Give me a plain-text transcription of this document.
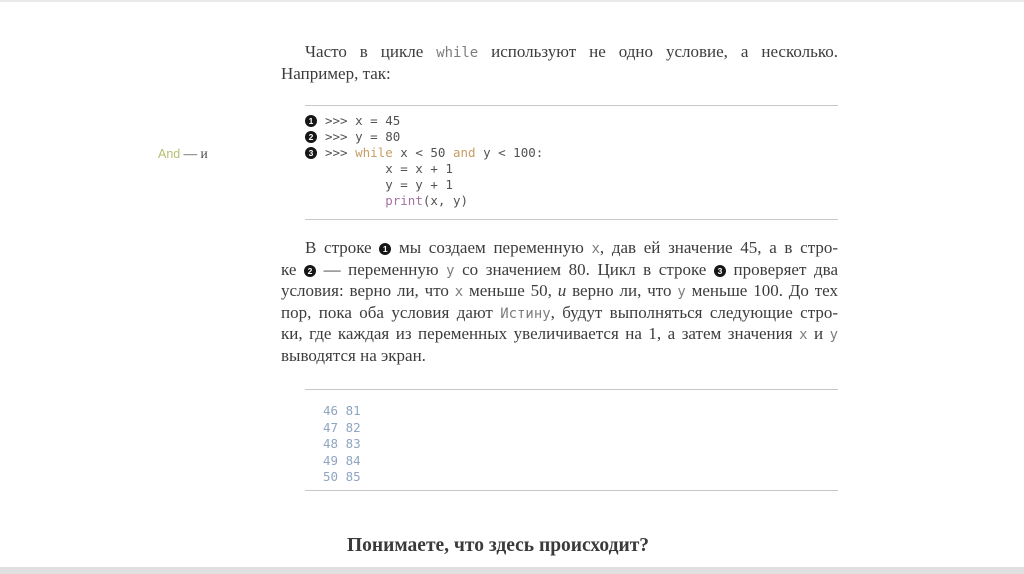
And — и
Часто в цикле while используют не одно условие, а несколько.
Например, так:
1 >>> x = 45
2 >>> y = 80
3 >>> while x < 50 and y < 100:
x = x + 1
y = y + 1
print(x, y)
В строке 1 мы создаем переменную x, дав ей значение 45, а в стро-
ке 2 — переменную y со значением 80. Цикл в строке 3 проверяет два
условия: верно ли, что x меньше 50, и верно ли, что y меньше 100. До тех
пор, пока оба условия дают Истину, будут выполняться следующие стро-
ки, где каждая из переменных увеличивается на 1, а затем значения x и y
выводятся на экран.
46 81
47 82
48 83
49 84
50 85
Понимаете, что здесь происходит?
